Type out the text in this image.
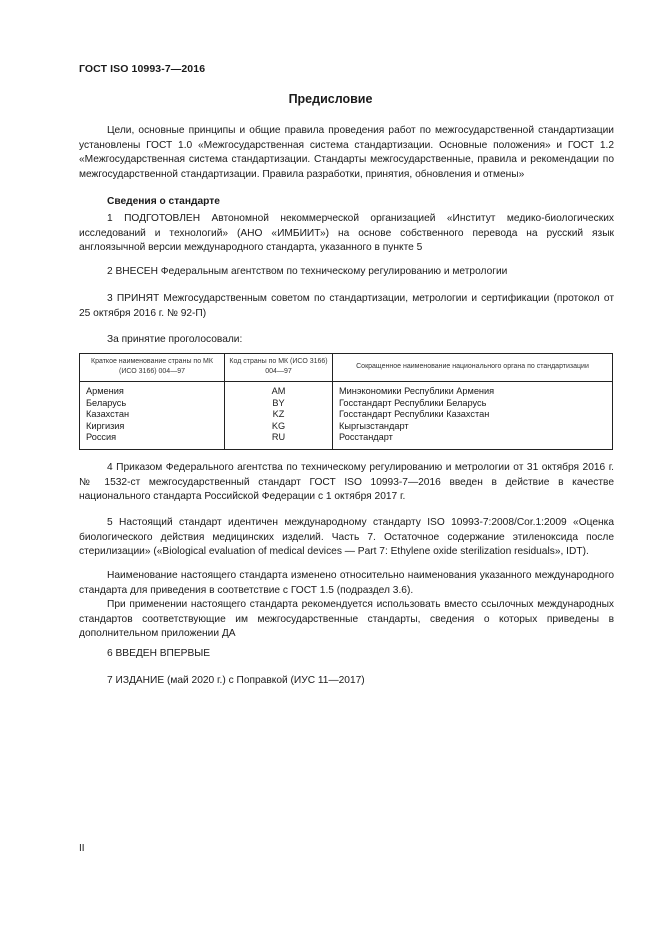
ГОСТ ISO 10993-7—2016
Предисловие
Цели, основные принципы и общие правила проведения работ по межгосударственной стандартизации установлены ГОСТ 1.0 «Межгосударственная система стандартизации. Основные положения» и ГОСТ 1.2 «Межгосударственная система стандартизации. Стандарты межгосударственные, правила и рекомендации по межгосударственной стандартизации. Правила разработки, принятия, обновления и отмены»
Сведения о стандарте
1 ПОДГОТОВЛЕН Автономной некоммерческой организацией «Институт медико-биологических исследований и технологий» (АНО «ИМБИИТ») на основе собственного перевода на русский язык англоязычной версии международного стандарта, указанного в пункте 5
2 ВНЕСЕН Федеральным агентством по техническому регулированию и метрологии
3 ПРИНЯТ Межгосударственным советом по стандартизации, метрологии и сертификации (протокол от 25 октября 2016 г. № 92-П)
За принятие проголосовали:
Краткое наименование страны по МК (ИСО 3166) 004—97	Код страны по МК (ИСО 3166) 004—97	Сокращенное наименование национального органа по стандартизации
Армения	AM	Минэкономики Республики Армения
Беларусь	BY	Госстандарт Республики Беларусь
Казахстан	KZ	Госстандарт Республики Казахстан
Киргизия	KG	Кыргызстандарт
Россия	RU	Росстандарт
4 Приказом Федерального агентства по техническому регулированию и метрологии от 31 октября 2016 г. № 1532-ст межгосударственный стандарт ГОСТ ISO 10993-7—2016 введен в действие в качестве национального стандарта Российской Федерации с 1 октября 2017 г.
5 Настоящий стандарт идентичен международному стандарту ISO 10993-7:2008/Cor.1:2009 «Оценка биологического действия медицинских изделий. Часть 7. Остаточное содержание этиленоксида после стерилизации» («Biological evaluation of medical devices — Part 7: Ethylene oxide sterilization residuals», IDT).
Наименование настоящего стандарта изменено относительно наименования указанного международного стандарта для приведения в соответствие с ГОСТ 1.5 (подраздел 3.6).
При применении настоящего стандарта рекомендуется использовать вместо ссылочных международных стандартов соответствующие им межгосударственные стандарты, сведения о которых приведены в дополнительном приложении ДА
6 ВВЕДЕН ВПЕРВЫЕ
7 ИЗДАНИЕ (май 2020 г.) с Поправкой (ИУС 11—2017)
II
